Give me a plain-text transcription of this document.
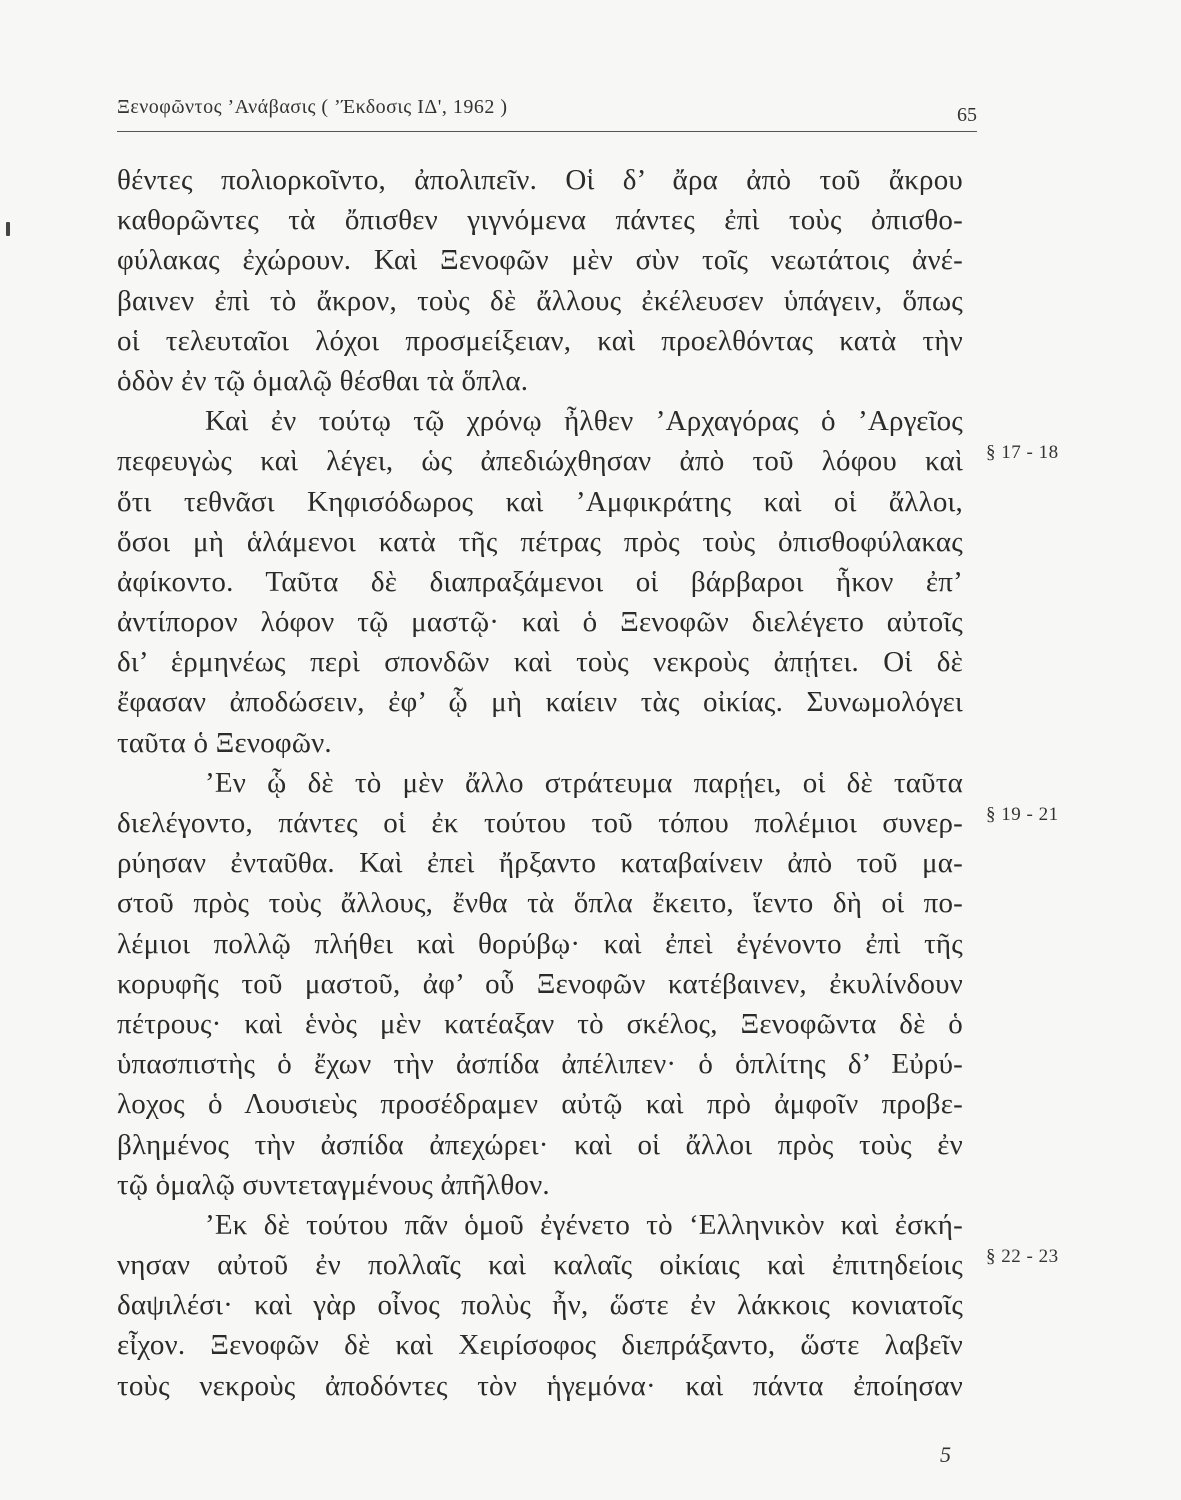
Ξενοφῶντος ’Ανάβασις ( ’Έκδοσις ΙΔ', 1962 )	65
θέντες πολιορκοῖντο, ἀπολιπεῖν. Οἱ δ’ ἄρα ἀπὸ τοῦ ἄκρου
καθορῶντες τὰ ὄπισθεν γιγνόμενα πάντες ἐπὶ τοὺς ὀπισθο-
φύλακας ἐχώρουν. Καὶ Ξενοφῶν μὲν σὺν τοῖς νεωτάτοις ἀνέ-
βαινεν ἐπὶ τὸ ἄκρον, τοὺς δὲ ἄλλους ἐκέλευσεν ὑπάγειν, ὅπως
οἱ τελευταῖοι λόχοι προσμείξειαν, καὶ προελθόντας κατὰ τὴν
ὁδὸν ἐν τῷ ὁμαλῷ θέσθαι τὰ ὅπλα.
Καὶ ἐν τούτῳ τῷ χρόνῳ ἦλθεν ’Αρχαγόρας ὁ ’Αργεῖος
πεφευγὼς καὶ λέγει, ὡς ἀπεδιώχθησαν ἀπὸ τοῦ λόφου καὶ
ὅτι τεθνᾶσι Κηφισόδωρος καὶ ’Αμφικράτης καὶ οἱ ἄλλοι,
ὅσοι μὴ ἁλάμενοι κατὰ τῆς πέτρας πρὸς τοὺς ὀπισθοφύλακας
ἀφίκοντο. Ταῦτα δὲ διαπραξάμενοι οἱ βάρβαροι ἧκον ἐπ’
ἀντίπορον λόφον τῷ μαστῷ· καὶ ὁ Ξενοφῶν διελέγετο αὐτοῖς
δι’ ἑρμηνέως περὶ σπονδῶν καὶ τοὺς νεκροὺς ἀπῄτει. Οἱ δὲ
ἔφασαν ἀποδώσειν, ἐφ’ ᾧ μὴ καίειν τὰς οἰκίας. Συνωμολόγει
ταῦτα ὁ Ξενοφῶν.
’Εν ᾧ δὲ τὸ μὲν ἄλλο στράτευμα παρῄει, οἱ δὲ ταῦτα
διελέγοντο, πάντες οἱ ἐκ τούτου τοῦ τόπου πολέμιοι συνερ-
ρύησαν ἐνταῦθα. Καὶ ἐπεὶ ἤρξαντο καταβαίνειν ἀπὸ τοῦ μα-
στοῦ πρὸς τοὺς ἄλλους, ἔνθα τὰ ὅπλα ἔκειτο, ἵεντο δὴ οἱ πο-
λέμιοι πολλῷ πλήθει καὶ θορύβῳ· καὶ ἐπεὶ ἐγένοντο ἐπὶ τῆς
κορυφῆς τοῦ μαστοῦ, ἀφ’ οὗ Ξενοφῶν κατέβαινεν, ἐκυλίνδουν
πέτρους· καὶ ἑνὸς μὲν κατέαξαν τὸ σκέλος, Ξενοφῶντα δὲ ὁ
ὑπασπιστὴς ὁ ἔχων τὴν ἀσπίδα ἀπέλιπεν· ὁ ὁπλίτης δ’ Εὐρύ-
λοχος ὁ Λουσιεὺς προσέδραμεν αὐτῷ καὶ πρὸ ἀμφοῖν προβε-
βλημένος τὴν ἀσπίδα ἀπεχώρει· καὶ οἱ ἄλλοι πρὸς τοὺς ἐν
τῷ ὁμαλῷ συντεταγμένους ἀπῆλθον.
’Εκ δὲ τούτου πᾶν ὁμοῦ ἐγένετο τὸ ‘Ελληνικὸν καὶ ἐσκή-
νησαν αὐτοῦ ἐν πολλαῖς καὶ καλαῖς οἰκίαις καὶ ἐπιτηδείοις
δαψιλέσι· καὶ γὰρ οἶνος πολὺς ἦν, ὥστε ἐν λάκκοις κονιατοῖς
εἶχον. Ξενοφῶν δὲ καὶ Χειρίσοφος διεπράξαντο, ὥστε λαβεῖν
τοὺς νεκροὺς ἀποδόντες τὸν ἡγεμόνα· καὶ πάντα ἐποίησαν
§ 17 - 18
§ 19 - 21
§ 22 - 23
5
